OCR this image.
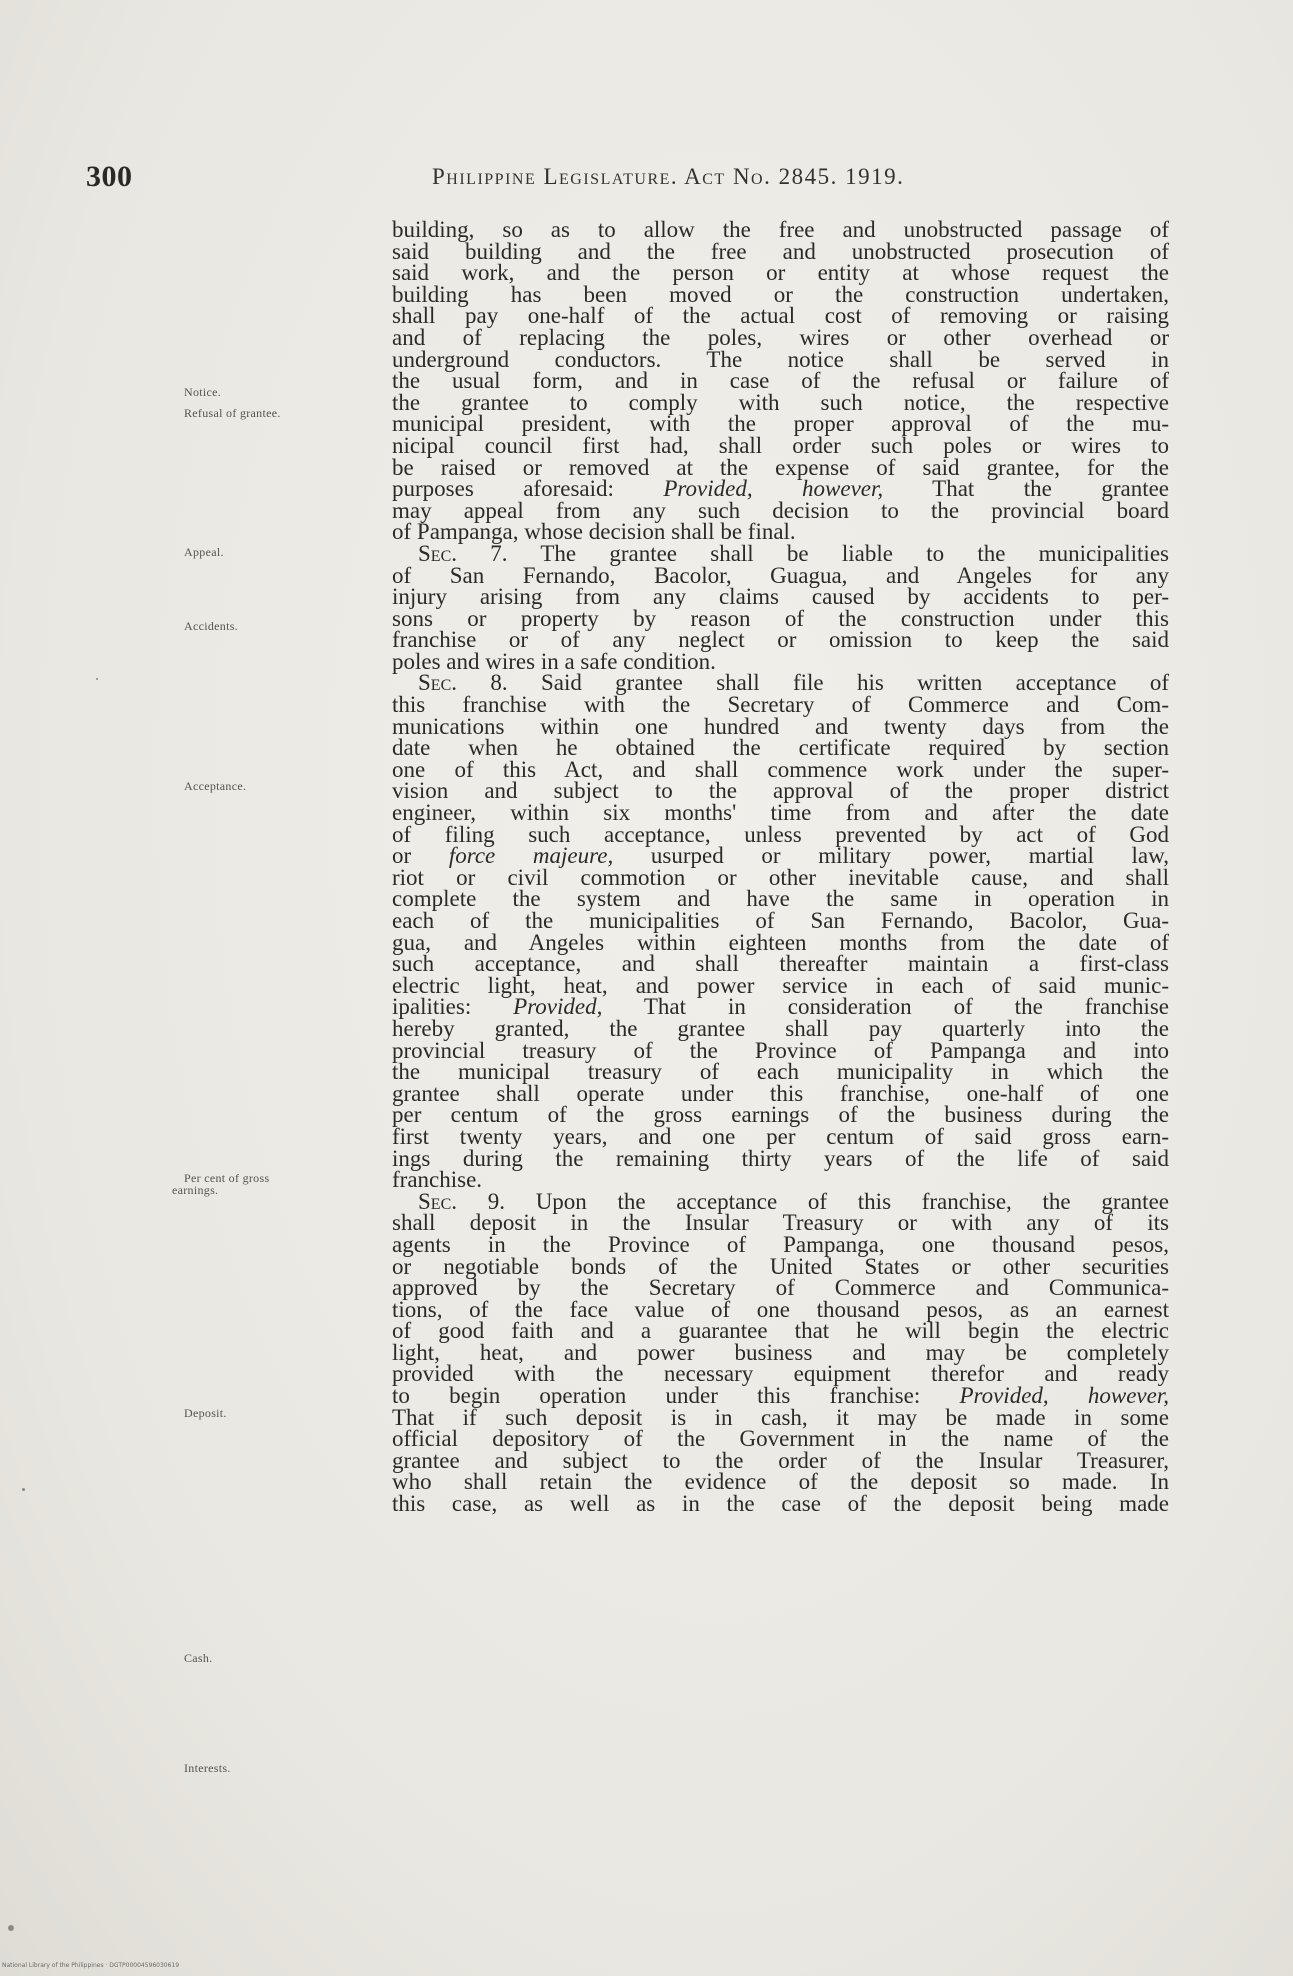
300	Philippine Legislature. Act No. 2845. 1919.
Notice.
Refusal of grantee.
Appeal.
Accidents.
Acceptance.
Per cent of gross
earnings.
Deposit.
Cash.
Interests.
building, so as to allow the free and unobstructed passage of
said building and the free and unobstructed prosecution of
said work, and the person or entity at whose request the
building has been moved or the construction undertaken,
shall pay one-half of the actual cost of removing or raising
and of replacing the poles, wires or other overhead or
underground conductors. The notice shall be served in
the usual form, and in case of the refusal or failure of
the grantee to comply with such notice, the respective
municipal president, with the proper approval of the mu-
nicipal council first had, shall order such poles or wires to
be raised or removed at the expense of said grantee, for the
purposes aforesaid: Provided, however, That the grantee
may appeal from any such decision to the provincial board
of Pampanga, whose decision shall be final.
Sec. 7. The grantee shall be liable to the municipalities
of San Fernando, Bacolor, Guagua, and Angeles for any
injury arising from any claims caused by accidents to per-
sons or property by reason of the construction under this
franchise or of any neglect or omission to keep the said
poles and wires in a safe condition.
Sec. 8. Said grantee shall file his written acceptance of
this franchise with the Secretary of Commerce and Com-
munications within one hundred and twenty days from the
date when he obtained the certificate required by section
one of this Act, and shall commence work under the super-
vision and subject to the approval of the proper district
engineer, within six months' time from and after the date
of filing such acceptance, unless prevented by act of God
or force majeure, usurped or military power, martial law,
riot or civil commotion or other inevitable cause, and shall
complete the system and have the same in operation in
each of the municipalities of San Fernando, Bacolor, Gua-
gua, and Angeles within eighteen months from the date of
such acceptance, and shall thereafter maintain a first-class
electric light, heat, and power service in each of said munic-
ipalities: Provided, That in consideration of the franchise
hereby granted, the grantee shall pay quarterly into the
provincial treasury of the Province of Pampanga and into
the municipal treasury of each municipality in which the
grantee shall operate under this franchise, one-half of one
per centum of the gross earnings of the business during the
first twenty years, and one per centum of said gross earn-
ings during the remaining thirty years of the life of said
franchise.
Sec. 9. Upon the acceptance of this franchise, the grantee
shall deposit in the Insular Treasury or with any of its
agents in the Province of Pampanga, one thousand pesos,
or negotiable bonds of the United States or other securities
approved by the Secretary of Commerce and Communica-
tions, of the face value of one thousand pesos, as an earnest
of good faith and a guarantee that he will begin the electric
light, heat, and power business and may be completely
provided with the necessary equipment therefor and ready
to begin operation under this franchise: Provided, however,
That if such deposit is in cash, it may be made in some
official depository of the Government in the name of the
grantee and subject to the order of the Insular Treasurer,
who shall retain the evidence of the deposit so made. In
this case, as well as in the case of the deposit being made
National Library of the Philippines · DGTP00004596030619
